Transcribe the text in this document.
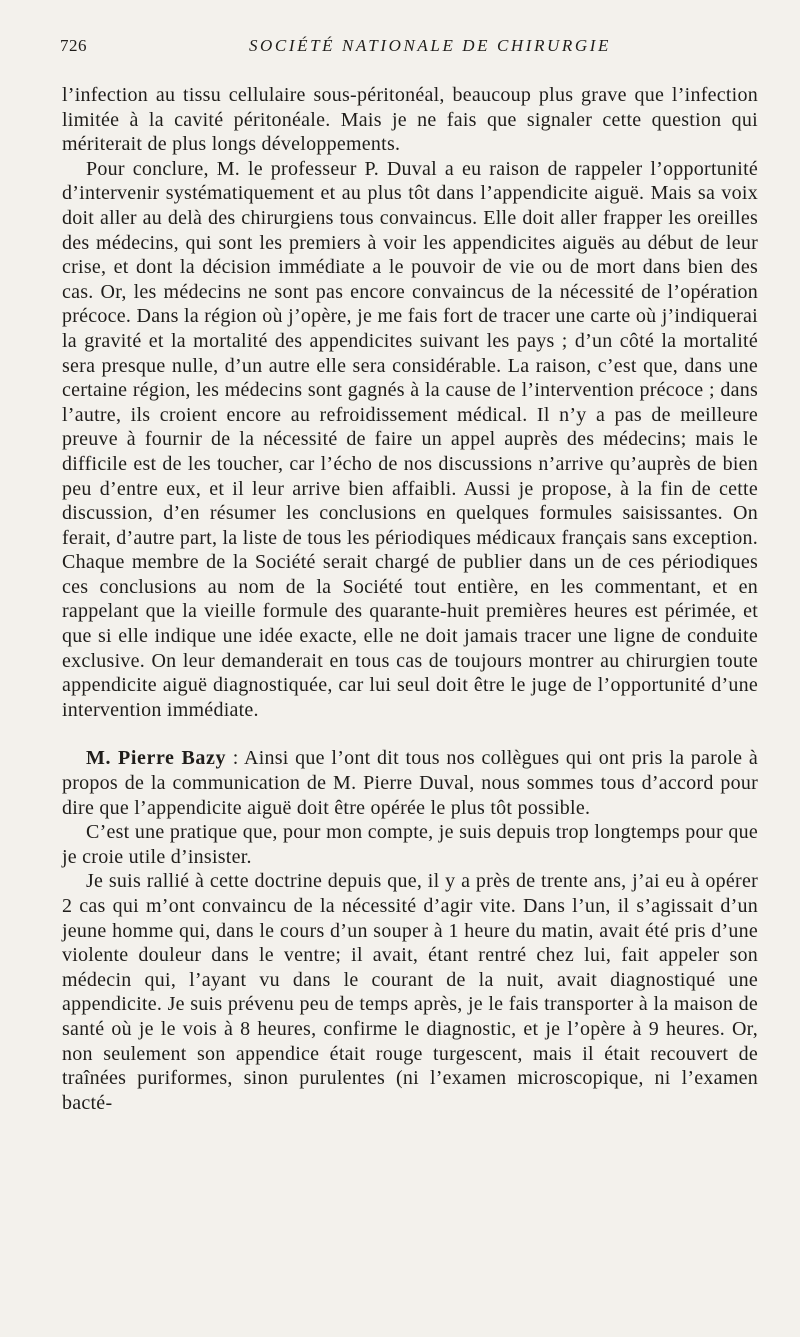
726	SOCIÉTÉ NATIONALE DE CHIRURGIE

l’infection au tissu cellulaire sous-péritonéal, beaucoup plus grave que l’infection limitée à la cavité péritonéale. Mais je ne fais que signaler cette question qui mériterait de plus longs développements.

Pour conclure, M. le professeur P. Duval a eu raison de rappeler l’opportunité d’intervenir systématiquement et au plus tôt dans l’appendicite aiguë. Mais sa voix doit aller au delà des chirurgiens tous convaincus. Elle doit aller frapper les oreilles des médecins, qui sont les premiers à voir les appendicites aiguës au début de leur crise, et dont la décision immédiate a le pouvoir de vie ou de mort dans bien des cas. Or, les médecins ne sont pas encore convaincus de la nécessité de l’opération précoce. Dans la région où j’opère, je me fais fort de tracer une carte où j’indiquerai la gravité et la mortalité des appendicites suivant les pays ; d’un côté la mortalité sera presque nulle, d’un autre elle sera considérable. La raison, c’est que, dans une certaine région, les médecins sont gagnés à la cause de l’intervention précoce ; dans l’autre, ils croient encore au refroidissement médical. Il n’y a pas de meilleure preuve à fournir de la nécessité de faire un appel auprès des médecins; mais le difficile est de les toucher, car l’écho de nos discussions n’arrive qu’auprès de bien peu d’entre eux, et il leur arrive bien affaibli. Aussi je propose, à la fin de cette discussion, d’en résumer les conclusions en quelques formules saisissantes. On ferait, d’autre part, la liste de tous les périodiques médicaux français sans exception. Chaque membre de la Société serait chargé de publier dans un de ces périodiques ces conclusions au nom de la Société tout entière, en les commentant, et en rappelant que la vieille formule des quarante-huit premières heures est périmée, et que si elle indique une idée exacte, elle ne doit jamais tracer une ligne de conduite exclusive. On leur demanderait en tous cas de toujours montrer au chirurgien toute appendicite aiguë diagnostiquée, car lui seul doit être le juge de l’opportunité d’une intervention immédiate.

M. Pierre Bazy : Ainsi que l’ont dit tous nos collègues qui ont pris la parole à propos de la communication de M. Pierre Duval, nous sommes tous d’accord pour dire que l’appendicite aiguë doit être opérée le plus tôt possible.

C’est une pratique que, pour mon compte, je suis depuis trop longtemps pour que je croie utile d’insister.

Je suis rallié à cette doctrine depuis que, il y a près de trente ans, j’ai eu à opérer 2 cas qui m’ont convaincu de la nécessité d’agir vite. Dans l’un, il s’agissait d’un jeune homme qui, dans le cours d’un souper à 1 heure du matin, avait été pris d’une violente douleur dans le ventre; il avait, étant rentré chez lui, fait appeler son médecin qui, l’ayant vu dans le courant de la nuit, avait diagnostiqué une appendicite. Je suis prévenu peu de temps après, je le fais transporter à la maison de santé où je le vois à 8 heures, confirme le diagnostic, et je l’opère à 9 heures. Or, non seulement son appendice était rouge turgescent, mais il était recouvert de traînées puriformes, sinon purulentes (ni l’examen microscopique, ni l’examen bacté-
